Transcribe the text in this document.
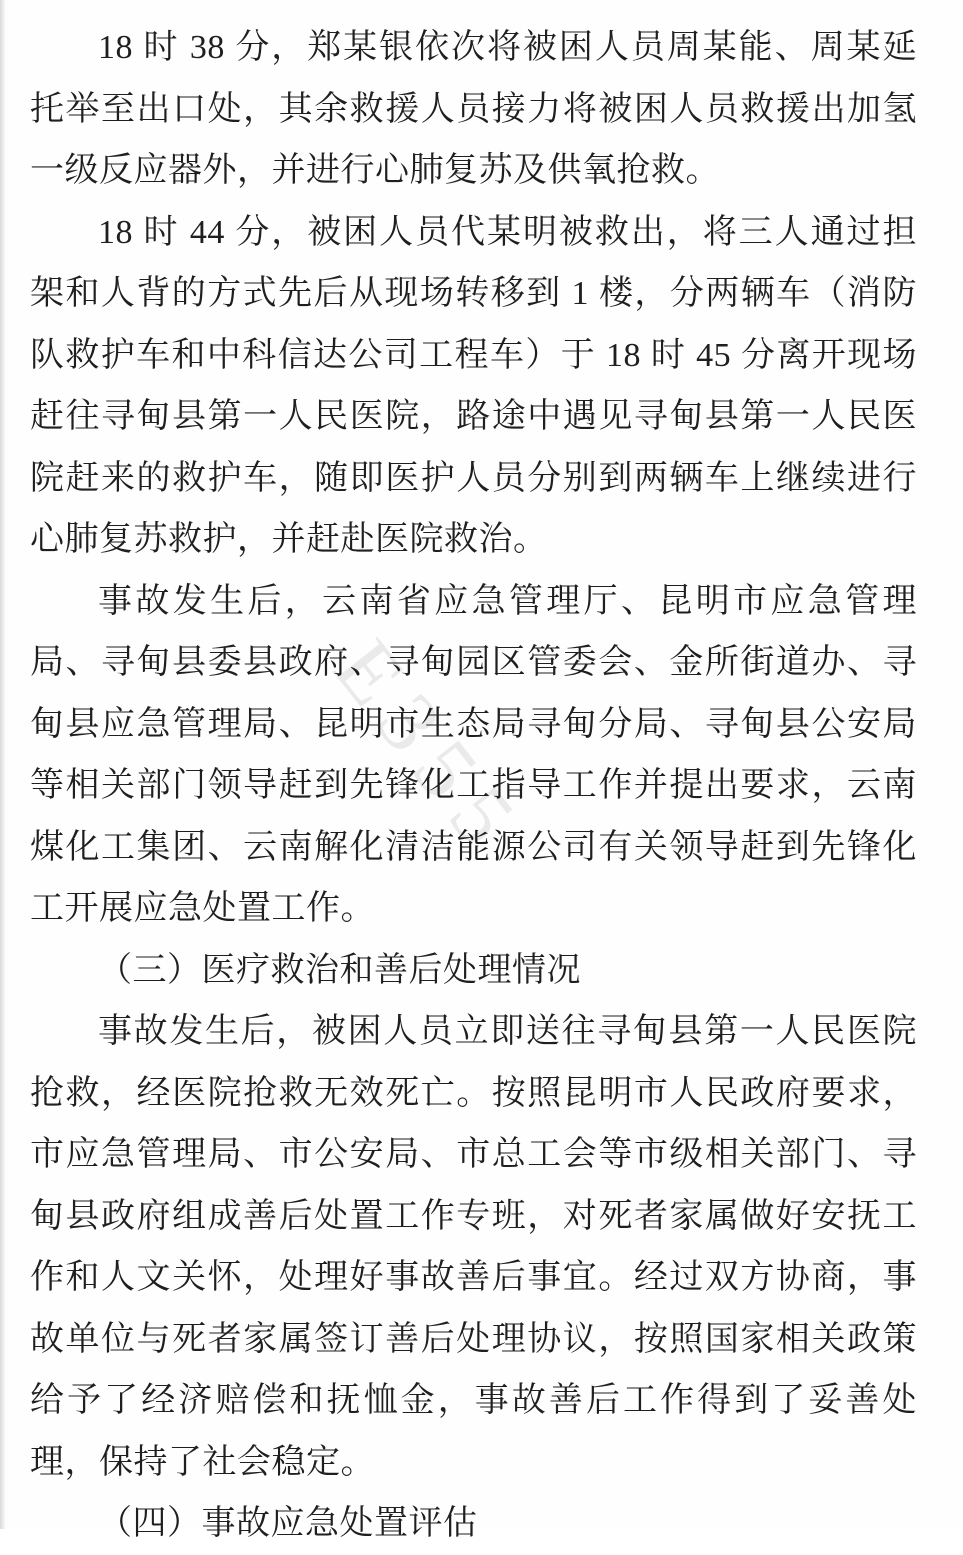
E355

18 时 38 分，郑某银依次将被困人员周某能、周某延托举至出口处，其余救援人员接力将被困人员救援出加氢一级反应器外，并进行心肺复苏及供氧抢救。

18 时 44 分，被困人员代某明被救出，将三人通过担架和人背的方式先后从现场转移到 1 楼，分两辆车（消防队救护车和中科信达公司工程车）于 18 时 45 分离开现场赶往寻甸县第一人民医院，路途中遇见寻甸县第一人民医院赶来的救护车，随即医护人员分别到两辆车上继续进行心肺复苏救护，并赶赴医院救治。

事故发生后，云南省应急管理厅、昆明市应急管理局、寻甸县委县政府、寻甸园区管委会、金所街道办、寻甸县应急管理局、昆明市生态局寻甸分局、寻甸县公安局等相关部门领导赶到先锋化工指导工作并提出要求，云南煤化工集团、云南解化清洁能源公司有关领导赶到先锋化工开展应急处置工作。

（三）医疗救治和善后处理情况

事故发生后，被困人员立即送往寻甸县第一人民医院抢救，经医院抢救无效死亡。按照昆明市人民政府要求，市应急管理局、市公安局、市总工会等市级相关部门、寻甸县政府组成善后处置工作专班，对死者家属做好安抚工作和人文关怀，处理好事故善后事宜。经过双方协商，事故单位与死者家属签订善后处理协议，按照国家相关政策给予了经济赔偿和抚恤金，事故善后工作得到了妥善处理，保持了社会稳定。

（四）事故应急处置评估
